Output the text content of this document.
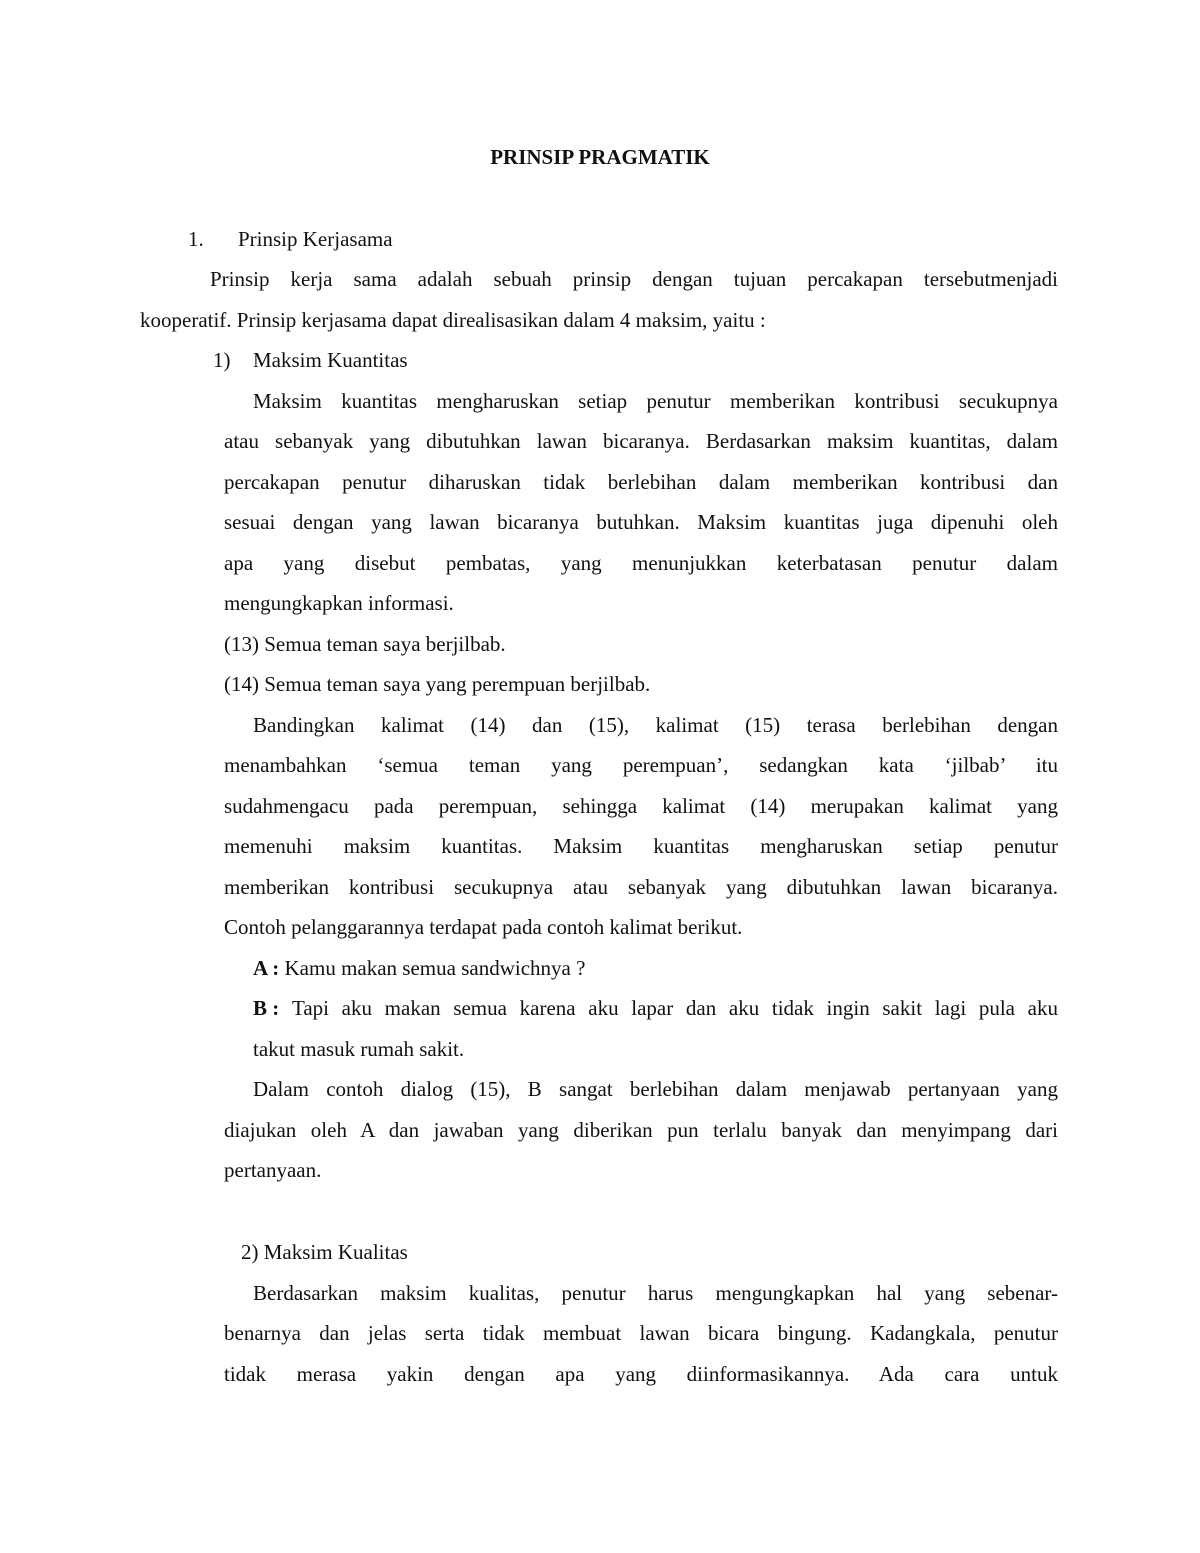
PRINSIP PRAGMATIK
1. Prinsip Kerjasama
Prinsip kerja sama adalah sebuah prinsip dengan tujuan percakapan tersebutmenjadi
kooperatif. Prinsip kerjasama dapat direalisasikan dalam 4 maksim, yaitu :
1) Maksim Kuantitas
Maksim kuantitas mengharuskan setiap penutur memberikan kontribusi secukupnya
atau sebanyak yang dibutuhkan lawan bicaranya. Berdasarkan maksim kuantitas, dalam
percakapan penutur diharuskan tidak berlebihan dalam memberikan kontribusi dan
sesuai dengan yang lawan bicaranya butuhkan. Maksim kuantitas juga dipenuhi oleh
apa yang disebut pembatas, yang menunjukkan keterbatasan penutur dalam
mengungkapkan informasi.
(13) Semua teman saya berjilbab.
(14) Semua teman saya yang perempuan berjilbab.
Bandingkan kalimat (14) dan (15), kalimat (15) terasa berlebihan dengan
menambahkan ‘semua teman yang perempuan’, sedangkan kata ‘jilbab’ itu
sudahmengacu pada perempuan, sehingga kalimat (14) merupakan kalimat yang
memenuhi maksim kuantitas. Maksim kuantitas mengharuskan setiap penutur
memberikan kontribusi secukupnya atau sebanyak yang dibutuhkan lawan bicaranya.
Contoh pelanggarannya terdapat pada contoh kalimat berikut.
A : Kamu makan semua sandwichnya ?
B : Tapi aku makan semua karena aku lapar dan aku tidak ingin sakit lagi pula aku
takut masuk rumah sakit.
Dalam contoh dialog (15), B sangat berlebihan dalam menjawab pertanyaan yang
diajukan oleh A dan jawaban yang diberikan pun terlalu banyak dan menyimpang dari
pertanyaan.
2) Maksim Kualitas
Berdasarkan maksim kualitas, penutur harus mengungkapkan hal yang sebenar-
benarnya dan jelas serta tidak membuat lawan bicara bingung. Kadangkala, penutur
tidak merasa yakin dengan apa yang diinformasikannya. Ada cara untuk
